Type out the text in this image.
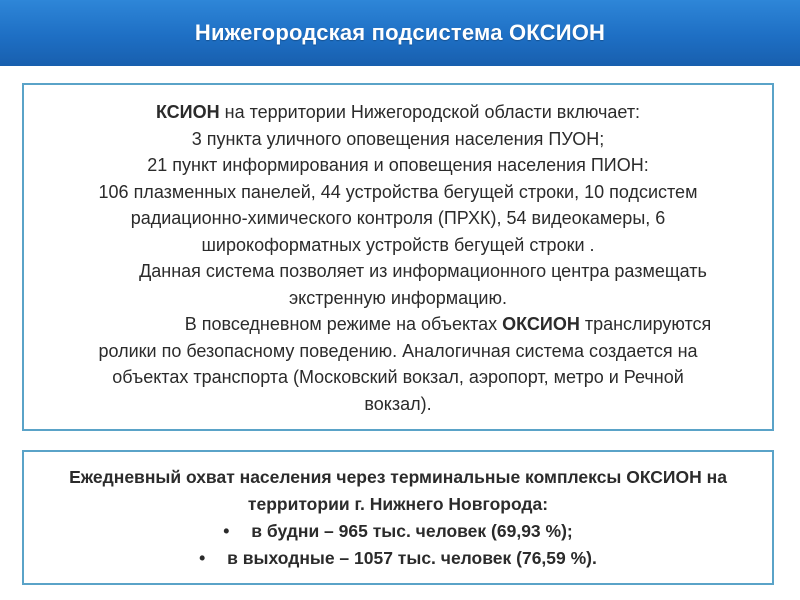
Нижегородская подсистема ОКСИОН
КСИОН на территории Нижегородской области включает:
3 пункта уличного оповещения населения ПУОН;
21 пункт информирования и оповещения населения ПИОН:
106 плазменных панелей, 44 устройства бегущей строки, 10 подсистем
радиационно-химического контроля (ПРХК), 54 видеокамеры, 6
широкоформатных устройств бегущей строки .
Данная система позволяет из информационного центра размещать
экстренную информацию.
В повседневном режиме на объектах ОКСИОН транслируются
ролики по безопасному поведению. Аналогичная система создается на
объектах транспорта (Московский вокзал, аэропорт, метро и Речной
вокзал).
Ежедневный охват населения через терминальные комплексы ОКСИОН на
территории г. Нижнего Новгорода:
• в будни – 965 тыс. человек (69,93 %);
• в выходные – 1057 тыс. человек (76,59 %).
